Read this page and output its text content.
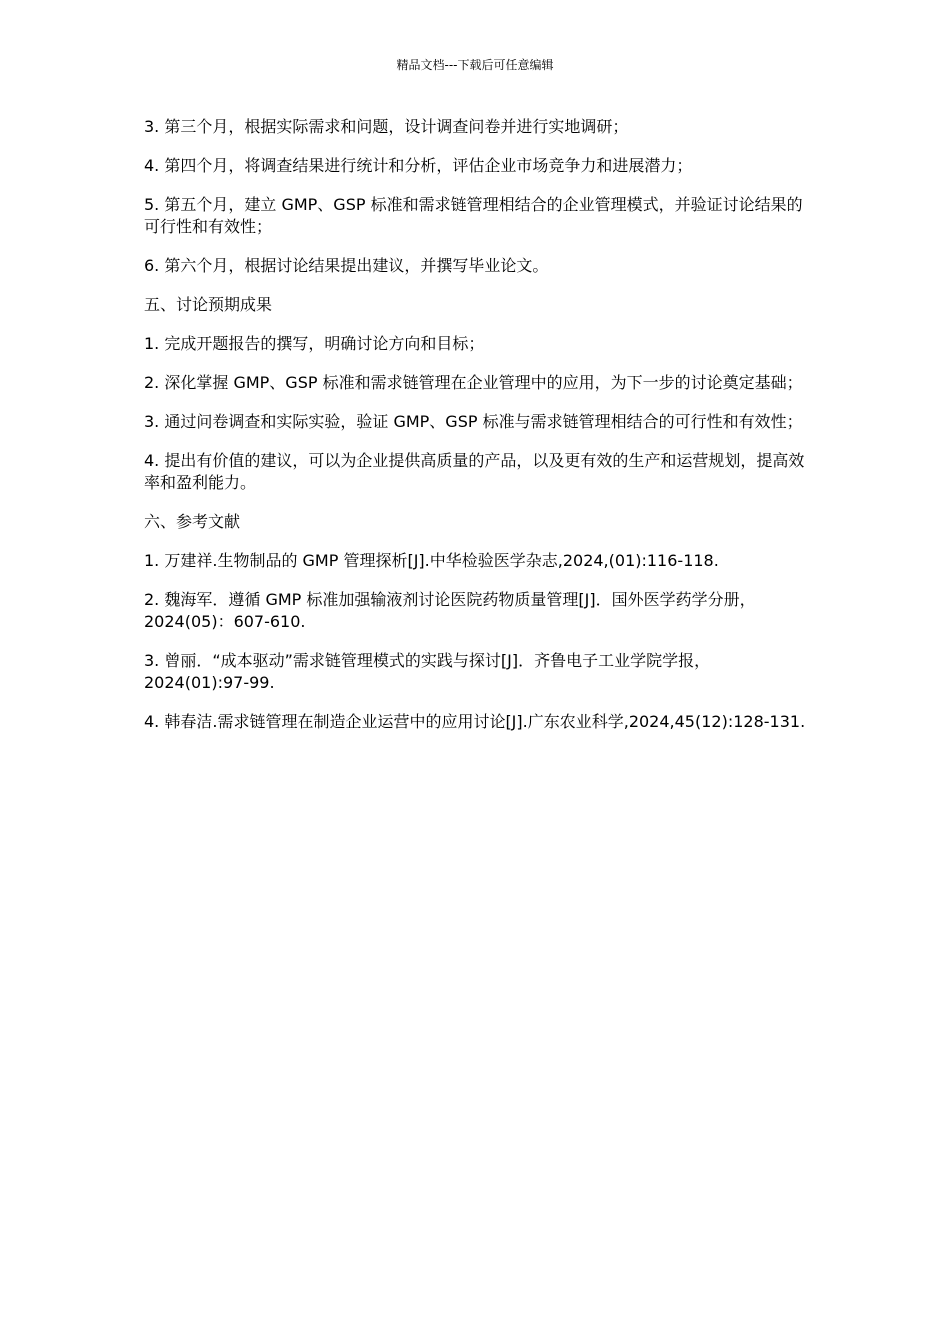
精品文档---下载后可任意编辑

3. 第三个月，根据实际需求和问题，设计调查问卷并进行实地调研；

4. 第四个月，将调查结果进行统计和分析，评估企业市场竞争力和进展潜力；

5. 第五个月，建立 GMP、GSP 标准和需求链管理相结合的企业管理模式，并验证讨论结果的可行性和有效性；

6. 第六个月，根据讨论结果提出建议，并撰写毕业论文。

五、讨论预期成果

1. 完成开题报告的撰写，明确讨论方向和目标；

2. 深化掌握 GMP、GSP 标准和需求链管理在企业管理中的应用，为下一步的讨论奠定基础；

3. 通过问卷调查和实际实验，验证 GMP、GSP 标准与需求链管理相结合的可行性和有效性；

4. 提出有价值的建议，可以为企业提供高质量的产品，以及更有效的生产和运营规划，提高效率和盈利能力。

六、参考文献

1. 万建祥.生物制品的 GMP 管理探析[J].中华检验医学杂志,2024,(01):116-118.

2. 魏海军．遵循 GMP 标准加强输液剂讨论医院药物质量管理[J]．国外医学药学分册，2024(05)：607-610.

3. 曾丽．“成本驱动”需求链管理模式的实践与探讨[J]．齐鲁电子工业学院学报，2024(01):97-99.

4. 韩春洁.需求链管理在制造企业运营中的应用讨论[J].广东农业科学,2024,45(12):128-131.
